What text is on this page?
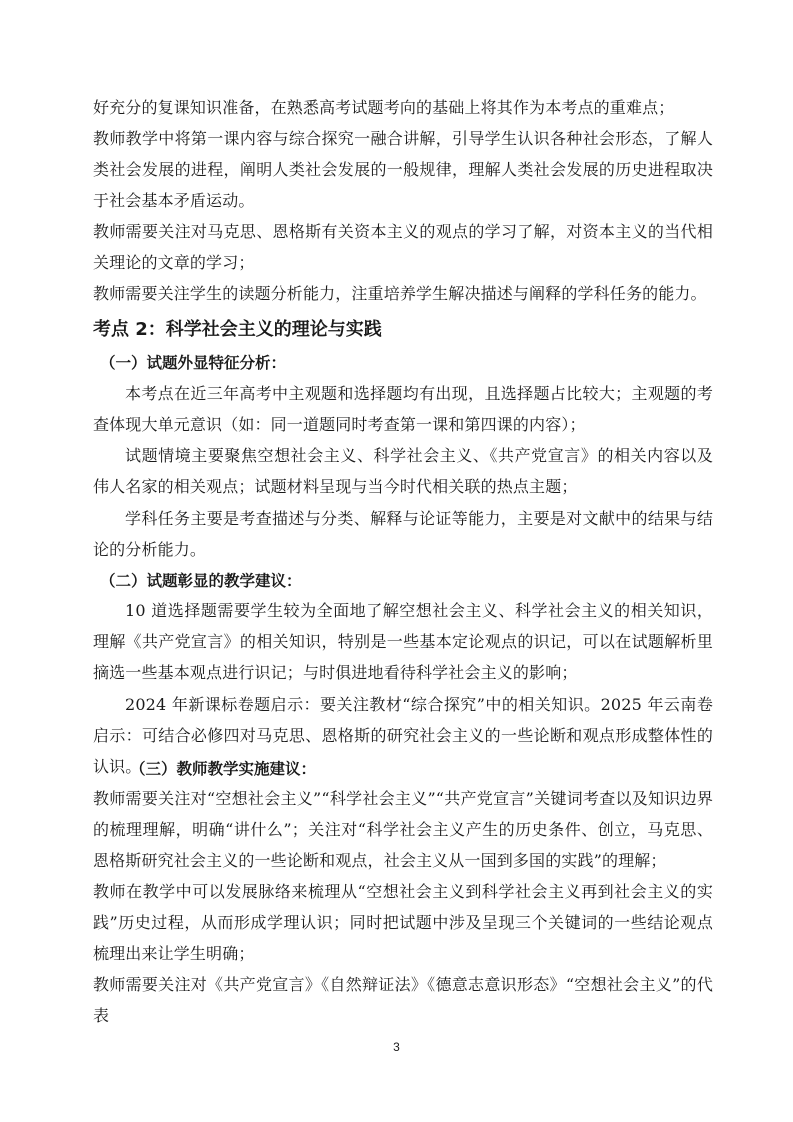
好充分的复课知识准备，在熟悉高考试题考向的基础上将其作为本考点的重难点；

教师教学中将第一课内容与综合探究一融合讲解，引导学生认识各种社会形态，了解人类社会发展的进程，阐明人类社会发展的一般规律，理解人类社会发展的历史进程取决于社会基本矛盾运动。

教师需要关注对马克思、恩格斯有关资本主义的观点的学习了解，对资本主义的当代相关理论的文章的学习；

教师需要关注学生的读题分析能力，注重培养学生解决描述与阐释的学科任务的能力。

考点 2：科学社会主义的理论与实践
（一）试题外显特征分析：

本考点在近三年高考中主观题和选择题均有出现，且选择题占比较大；主观题的考查体现大单元意识（如：同一道题同时考查第一课和第四课的内容）；

试题情境主要聚焦空想社会主义、科学社会主义、《共产党宣言》的相关内容以及伟人名家的相关观点；试题材料呈现与当今时代相关联的热点主题；

学科任务主要是考查描述与分类、解释与论证等能力，主要是对文献中的结果与结论的分析能力。

（二）试题彰显的教学建议：

10 道选择题需要学生较为全面地了解空想社会主义、科学社会主义的相关知识，理解《共产党宣言》的相关知识，特别是一些基本定论观点的识记，可以在试题解析里摘选一些基本观点进行识记；与时俱进地看待科学社会主义的影响；

2024 年新课标卷题启示：要关注教材“综合探究”中的相关知识。2025 年云南卷启示：可结合必修四对马克思、恩格斯的研究社会主义的一些论断和观点形成整体性的认识。

（三）教师教学实施建议：

教师需要关注对“空想社会主义”“科学社会主义”“共产党宣言”关键词考查以及知识边界的梳理理解，明确“讲什么”；关注对“科学社会主义产生的历史条件、创立，马克思、恩格斯研究社会主义的一些论断和观点，社会主义从一国到多国的实践”的理解；

教师在教学中可以发展脉络来梳理从“空想社会主义到科学社会主义再到社会主义的实践”历史过程，从而形成学理认识；同时把试题中涉及呈现三个关键词的一些结论观点梳理出来让学生明确；

教师需要关注对《共产党宣言》《自然辩证法》《德意志意识形态》“空想社会主义”的代表

3
